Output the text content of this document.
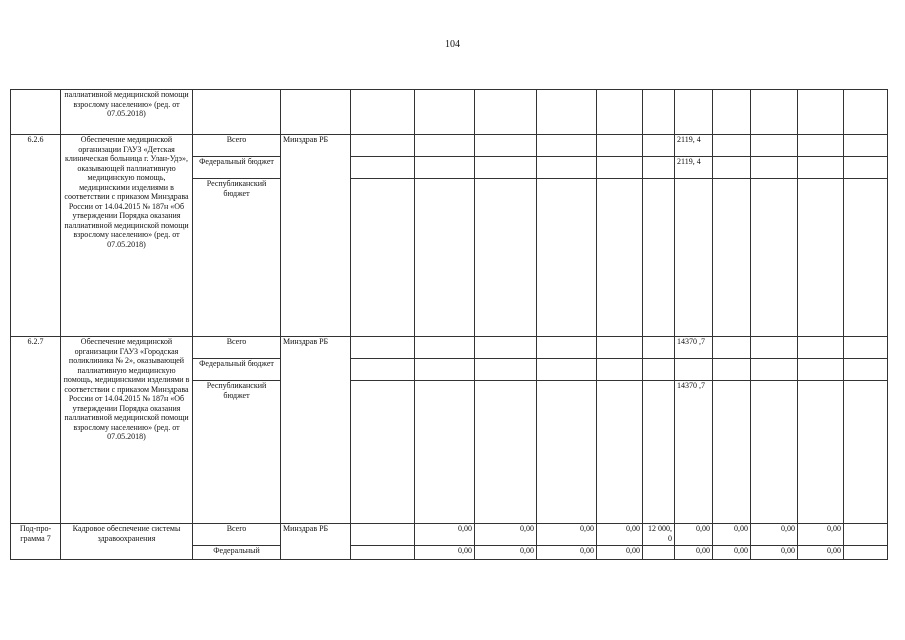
104
	паллиативной медицинской помощи взрослому населению» (ред. от 07.05.2018)													
6.2.6	Обеспечение медицинской организации ГАУЗ «Детская клиническая больница г. Улан-Удэ», оказывающей паллиативную медицинскую помощь, медицинскими изделиями в соответствии с приказом Минздрава России от 14.04.2015 № 187н «Об утверждении Порядка оказания паллиативной медицинской помощи взрослому населению» (ред. от 07.05.2018)	Всего	Минздрав РБ							2119, 4				
		Федеральный бюджет								2119, 4				
		Республиканский бюджет												
6.2.7	Обеспечение медицинской организации ГАУЗ «Городская поликлиника № 2», оказывающей паллиативную медицинскую помощь, медицинскими изделиями в соответствии с приказом Минздрава России от 14.04.2015 № 187н «Об утверждении Порядка оказания паллиативной медицинской помощи взрослому населению» (ред. от 07.05.2018)	Всего	Минздрав РБ							14370 ,7				
		Федеральный бюджет												
		Республиканский бюджет								14370 ,7				
Под-про-грамма 7	Кадровое обеспечение системы здравоохранения	Всего	Минздрав РБ		0,00	0,00	0,00	0,00	12 000, 0	0,00	0,00	0,00	0,00	
		Федеральный			0,00	0,00	0,00	0,00		0,00	0,00	0,00	0,00	
